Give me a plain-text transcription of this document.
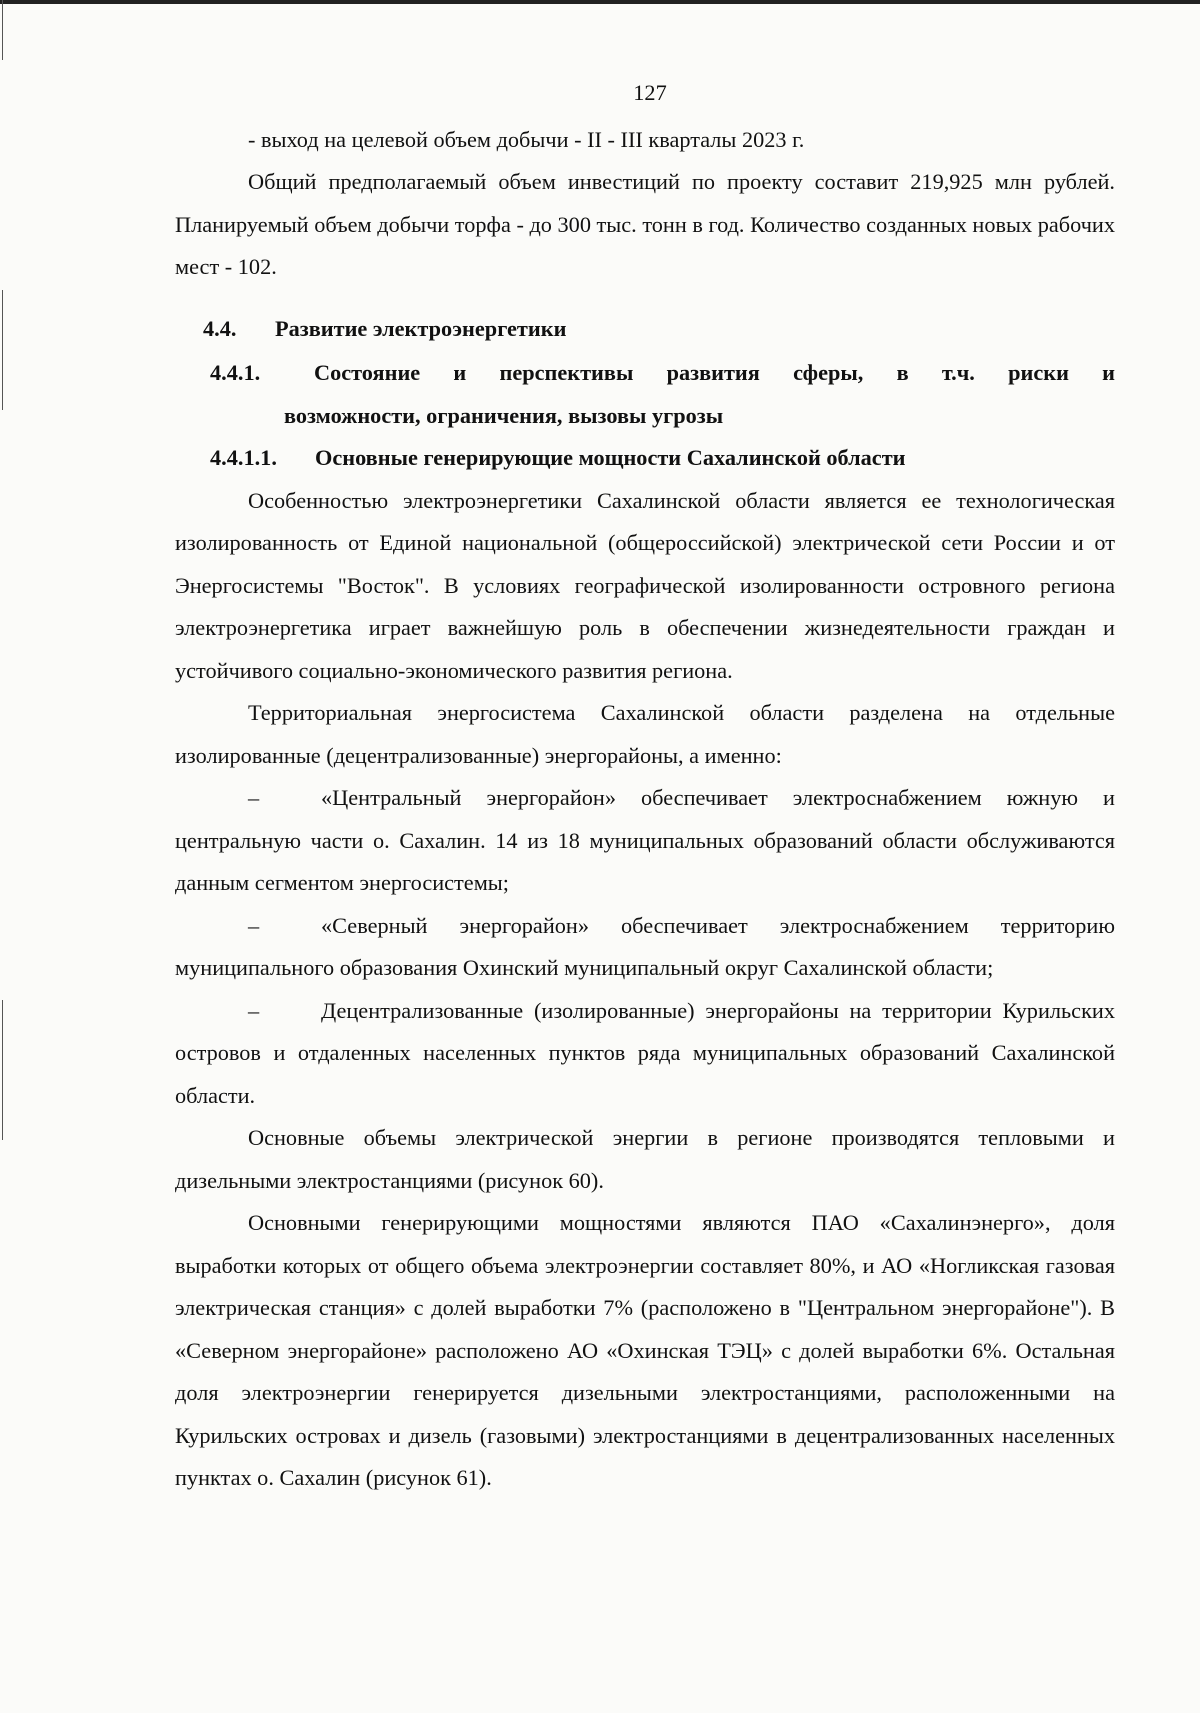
127

- выход на целевой объем добычи - II - III кварталы 2023 г.

Общий предполагаемый объем инвестиций по проекту составит 219,925 млн рублей. Планируемый объем добычи торфа - до 300 тыс. тонн в год. Количество созданных новых рабочих мест - 102.

4.4.	Развитие электроэнергетики
4.4.1.	Состояние и перспективы развития сферы, в т.ч. риски и
возможности, ограничения, вызовы угрозы
4.4.1.1.	Основные генерирующие мощности Сахалинской области

Особенностью электроэнергетики Сахалинской области является ее технологическая изолированность от Единой национальной (общероссийской) электрической сети России и от Энергосистемы "Восток". В условиях географической изолированности островного региона электроэнергетика играет важнейшую роль в обеспечении жизнедеятельности граждан и устойчивого социально-экономического развития региона.

Территориальная энергосистема Сахалинской области разделена на отдельные изолированные (децентрализованные) энергорайоны, а именно:

–	«Центральный энергорайон» обеспечивает электроснабжением южную и центральную части о. Сахалин. 14 из 18 муниципальных образований области обслуживаются данным сегментом энергосистемы;

–	«Северный энергорайон» обеспечивает электроснабжением территорию муниципального образования Охинский муниципальный округ Сахалинской области;

–	Децентрализованные (изолированные) энергорайоны на территории Курильских островов и отдаленных населенных пунктов ряда муниципальных образований Сахалинской области.

Основные объемы электрической энергии в регионе производятся тепловыми и дизельными электростанциями (рисунок 60).

Основными генерирующими мощностями являются ПАО «Сахалинэнерго», доля выработки которых от общего объема электроэнергии составляет 80%, и АО «Ногликская газовая электрическая станция» с долей выработки 7% (расположено в "Центральном энергорайоне"). В «Северном энергорайоне» расположено АО «Охинская ТЭЦ» с долей выработки 6%. Остальная доля электроэнергии генерируется дизельными электростанциями, расположенными на Курильских островах и дизель (газовыми) электростанциями в децентрализованных населенных пунктах о. Сахалин (рисунок 61).
